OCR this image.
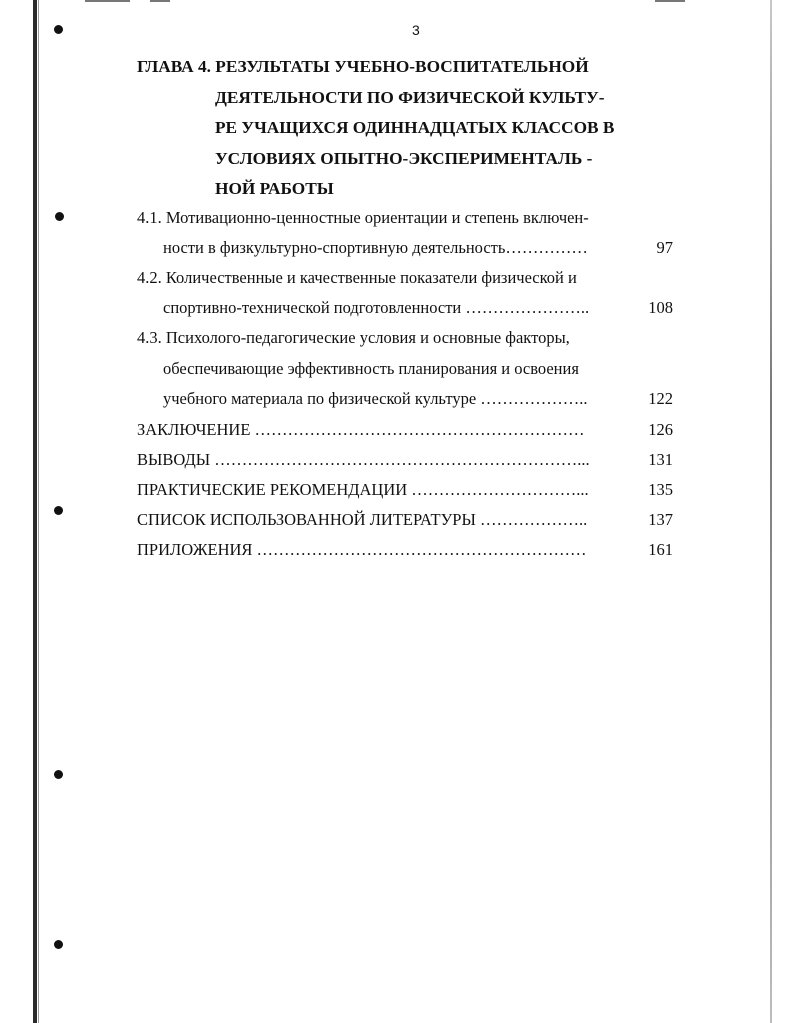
3
ГЛАВА 4. РЕЗУЛЬТАТЫ УЧЕБНО-ВОСПИТАТЕЛЬНОЙ
ДЕЯТЕЛЬНОСТИ ПО ФИЗИЧЕСКОЙ КУЛЬТУ-
РЕ УЧАЩИХСЯ ОДИННАДЦАТЫХ КЛАССОВ В
УСЛОВИЯХ ОПЫТНО-ЭКСПЕРИМЕНТАЛЬ -
НОЙ РАБОТЫ
4.1. Мотивационно-ценностные ориентации и степень включен-
ности в физкультурно-спортивную деятельность……………	97
4.2. Количественные и качественные показатели физической и
спортивно-технической подготовленности …………………..	108
4.3. Психолого-педагогические условия и основные факторы,
обеспечивающие эффективность планирования и освоения
учебного материала по физической культуре ………………..	122
ЗАКЛЮЧЕНИЕ ……………………………………………………	126
ВЫВОДЫ …………………………………………………………...	131
ПРАКТИЧЕСКИЕ РЕКОМЕНДАЦИИ …………………………...	135
СПИСОК ИСПОЛЬЗОВАННОЙ ЛИТЕРАТУРЫ ………………..	137
ПРИЛОЖЕНИЯ ……………………………………………………	161
